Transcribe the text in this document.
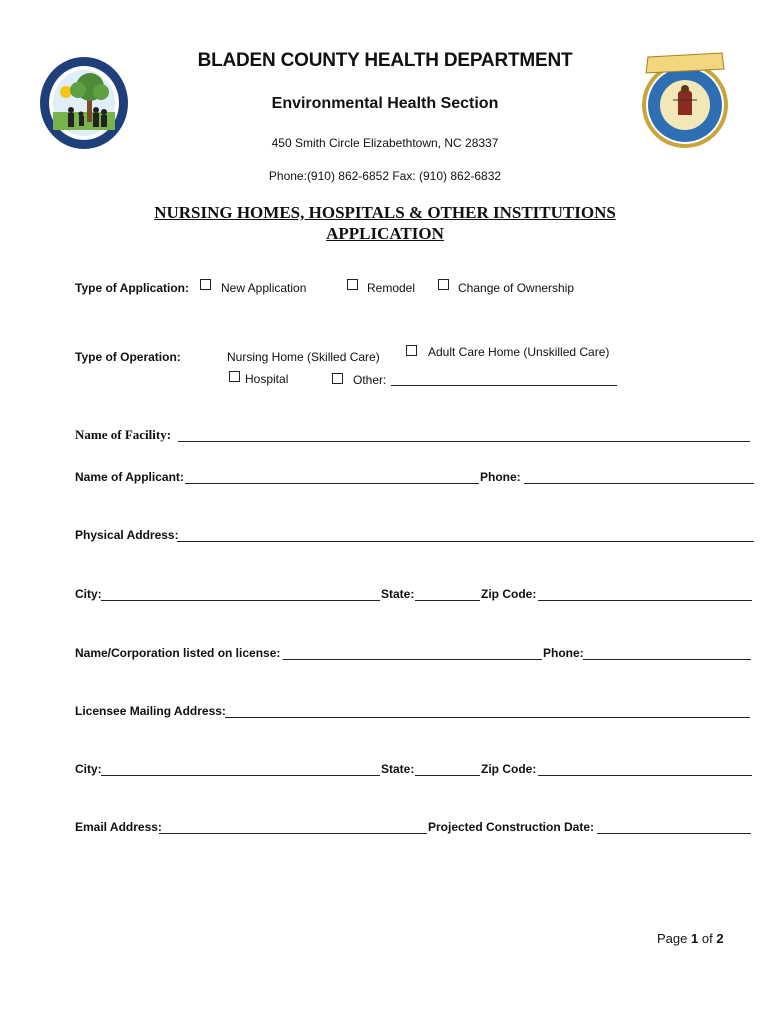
BLADEN COUNTY HEALTH DEPARTMENT
Environmental Health Section
450 Smith Circle Elizabethtown, NC 28337
Phone:(910) 862-6852 Fax: (910) 862-6832
NURSING HOMES, HOSPITALS & OTHER INSTITUTIONS
APPLICATION
Type of Application:	New Application	Remodel	Change of Ownership
Type of Operation:	Nursing Home (Skilled Care)	Adult Care Home (Unskilled Care)
Hospital	Other:
Name of Facility:
Name of Applicant:	Phone:
Physical Address:
City:	State:	Zip Code:
Name/Corporation listed on license:	Phone:
Licensee Mailing Address:
City:	State:	Zip Code:
Email Address:	Projected Construction Date:
Page 1 of 2
